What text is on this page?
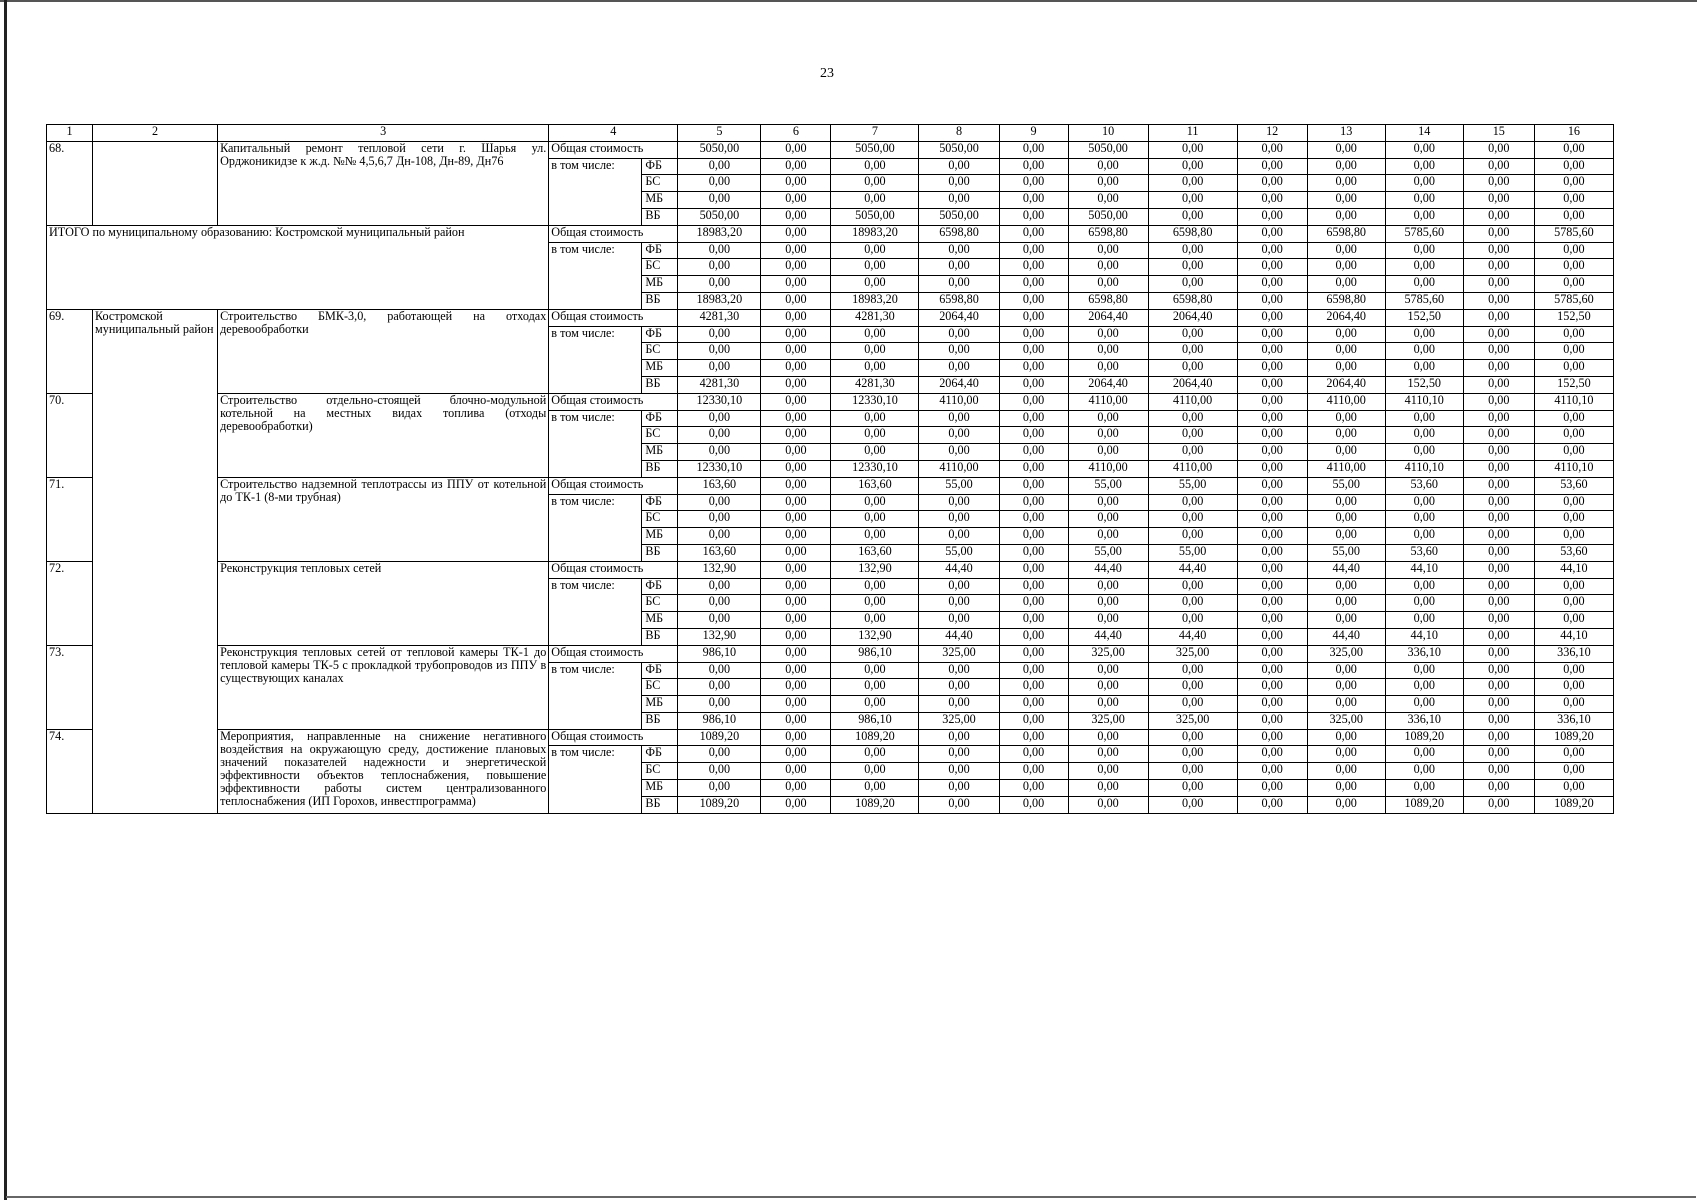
23
1	2	3	4		5	6	7	8	9	10	11	12	13	14	15	16
68.		Капитальный ремонт тепловой сети г. Шарья ул. Орджоникидзе к ж.д. №№ 4,5,6,7 Дн-108, Дн-89, Дн76	Общая стоимость		5050,00	0,00	5050,00	5050,00	0,00	5050,00	0,00	0,00	0,00	0,00	0,00	0,00
			в том числе:	ФБ	0,00	0,00	0,00	0,00	0,00	0,00	0,00	0,00	0,00	0,00	0,00	0,00
				БС	0,00	0,00	0,00	0,00	0,00	0,00	0,00	0,00	0,00	0,00	0,00	0,00
				МБ	0,00	0,00	0,00	0,00	0,00	0,00	0,00	0,00	0,00	0,00	0,00	0,00
				ВБ	5050,00	0,00	5050,00	5050,00	0,00	5050,00	0,00	0,00	0,00	0,00	0,00	0,00
ИТОГО по муниципальному образованию: Костромской муниципальный район			Общая стоимость		18983,20	0,00	18983,20	6598,80	0,00	6598,80	6598,80	0,00	6598,80	5785,60	0,00	5785,60
			в том числе:	ФБ	0,00	0,00	0,00	0,00	0,00	0,00	0,00	0,00	0,00	0,00	0,00	0,00
				БС	0,00	0,00	0,00	0,00	0,00	0,00	0,00	0,00	0,00	0,00	0,00	0,00
				МБ	0,00	0,00	0,00	0,00	0,00	0,00	0,00	0,00	0,00	0,00	0,00	0,00
				ВБ	18983,20	0,00	18983,20	6598,80	0,00	6598,80	6598,80	0,00	6598,80	5785,60	0,00	5785,60
69.	Костромской муниципальный район	Строительство БМК-3,0, работающей на отходах деревообработки	Общая стоимость		4281,30	0,00	4281,30	2064,40	0,00	2064,40	2064,40	0,00	2064,40	152,50	0,00	152,50
			в том числе:	ФБ	0,00	0,00	0,00	0,00	0,00	0,00	0,00	0,00	0,00	0,00	0,00	0,00
				БС	0,00	0,00	0,00	0,00	0,00	0,00	0,00	0,00	0,00	0,00	0,00	0,00
				МБ	0,00	0,00	0,00	0,00	0,00	0,00	0,00	0,00	0,00	0,00	0,00	0,00
				ВБ	4281,30	0,00	4281,30	2064,40	0,00	2064,40	2064,40	0,00	2064,40	152,50	0,00	152,50
70.		Строительство отдельно-стоящей блочно-модульной котельной на местных видах топлива (отходы деревообработки)	Общая стоимость		12330,10	0,00	12330,10	4110,00	0,00	4110,00	4110,00	0,00	4110,00	4110,10	0,00	4110,10
			в том числе:	ФБ	0,00	0,00	0,00	0,00	0,00	0,00	0,00	0,00	0,00	0,00	0,00	0,00
				БС	0,00	0,00	0,00	0,00	0,00	0,00	0,00	0,00	0,00	0,00	0,00	0,00
				МБ	0,00	0,00	0,00	0,00	0,00	0,00	0,00	0,00	0,00	0,00	0,00	0,00
				ВБ	12330,10	0,00	12330,10	4110,00	0,00	4110,00	4110,00	0,00	4110,00	4110,10	0,00	4110,10
71.		Строительство надземной теплотрассы из ППУ от котельной до ТК-1 (8-ми трубная)	Общая стоимость		163,60	0,00	163,60	55,00	0,00	55,00	55,00	0,00	55,00	53,60	0,00	53,60
			в том числе:	ФБ	0,00	0,00	0,00	0,00	0,00	0,00	0,00	0,00	0,00	0,00	0,00	0,00
				БС	0,00	0,00	0,00	0,00	0,00	0,00	0,00	0,00	0,00	0,00	0,00	0,00
				МБ	0,00	0,00	0,00	0,00	0,00	0,00	0,00	0,00	0,00	0,00	0,00	0,00
				ВБ	163,60	0,00	163,60	55,00	0,00	55,00	55,00	0,00	55,00	53,60	0,00	53,60
72.		Реконструкция тепловых сетей	Общая стоимость		132,90	0,00	132,90	44,40	0,00	44,40	44,40	0,00	44,40	44,10	0,00	44,10
			в том числе:	ФБ	0,00	0,00	0,00	0,00	0,00	0,00	0,00	0,00	0,00	0,00	0,00	0,00
				БС	0,00	0,00	0,00	0,00	0,00	0,00	0,00	0,00	0,00	0,00	0,00	0,00
				МБ	0,00	0,00	0,00	0,00	0,00	0,00	0,00	0,00	0,00	0,00	0,00	0,00
				ВБ	132,90	0,00	132,90	44,40	0,00	44,40	44,40	0,00	44,40	44,10	0,00	44,10
73.		Реконструкция тепловых сетей от тепловой камеры ТК-1 до тепловой камеры ТК-5 с прокладкой трубопроводов из ППУ в существующих каналах	Общая стоимость		986,10	0,00	986,10	325,00	0,00	325,00	325,00	0,00	325,00	336,10	0,00	336,10
			в том числе:	ФБ	0,00	0,00	0,00	0,00	0,00	0,00	0,00	0,00	0,00	0,00	0,00	0,00
				БС	0,00	0,00	0,00	0,00	0,00	0,00	0,00	0,00	0,00	0,00	0,00	0,00
				МБ	0,00	0,00	0,00	0,00	0,00	0,00	0,00	0,00	0,00	0,00	0,00	0,00
				ВБ	986,10	0,00	986,10	325,00	0,00	325,00	325,00	0,00	325,00	336,10	0,00	336,10
74.		Мероприятия, направленные на снижение негативного воздействия на окружающую среду, достижение плановых значений показателей надежности и энергетической эффективности объектов теплоснабжения, повышение эффективности работы систем централизованного теплоснабжения (ИП Горохов, инвестпрограмма)	Общая стоимость		1089,20	0,00	1089,20	0,00	0,00	0,00	0,00	0,00	0,00	1089,20	0,00	1089,20
			в том числе:	ФБ	0,00	0,00	0,00	0,00	0,00	0,00	0,00	0,00	0,00	0,00	0,00	0,00
				БС	0,00	0,00	0,00	0,00	0,00	0,00	0,00	0,00	0,00	0,00	0,00	0,00
				МБ	0,00	0,00	0,00	0,00	0,00	0,00	0,00	0,00	0,00	0,00	0,00	0,00
				ВБ	1089,20	0,00	1089,20	0,00	0,00	0,00	0,00	0,00	0,00	1089,20	0,00	1089,20
